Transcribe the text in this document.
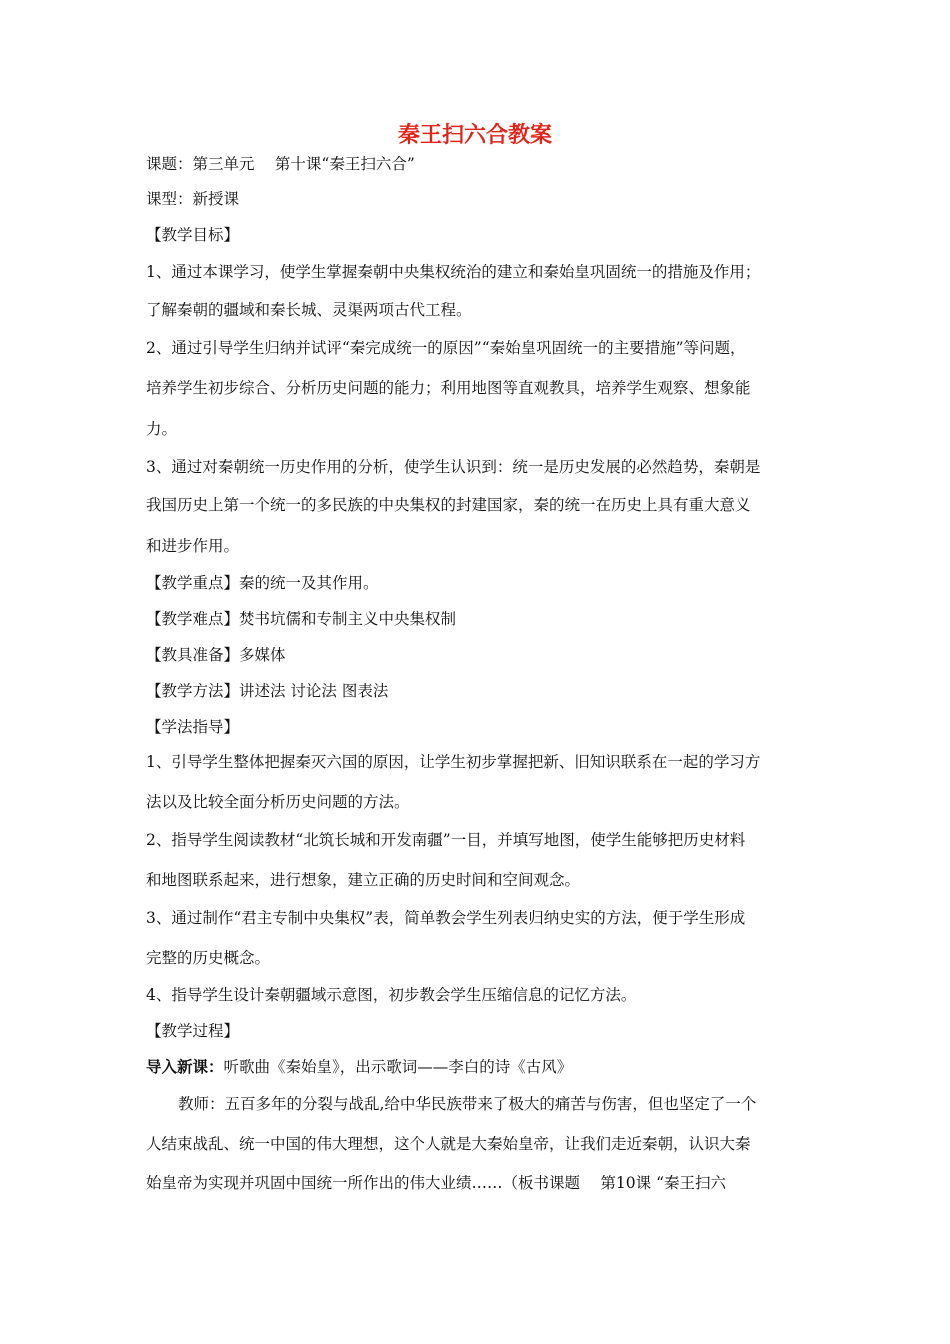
秦王扫六合教案
课题：第三单元　 第十课“秦王扫六合”
课型：新授课
【教学目标】
1、通过本课学习，使学生掌握秦朝中央集权统治的建立和秦始皇巩固统一的措施及作用；
了解秦朝的疆域和秦长城、灵渠两项古代工程。
2、通过引导学生归纳并试评“秦完成统一的原因”“秦始皇巩固统一的主要措施”等问题，
培养学生初步综合、分析历史问题的能力；利用地图等直观教具，培养学生观察、想象能
力。
3、通过对秦朝统一历史作用的分析，使学生认识到：统一是历史发展的必然趋势，秦朝是
我国历史上第一个统一的多民族的中央集权的封建国家，秦的统一在历史上具有重大意义
和进步作用。
【教学重点】秦的统一及其作用。
【教学难点】焚书坑儒和专制主义中央集权制
【教具准备】多媒体
【教学方法】讲述法 讨论法 图表法
【学法指导】
1、引导学生整体把握秦灭六国的原因，让学生初步掌握把新、旧知识联系在一起的学习方
法以及比较全面分析历史问题的方法。
2、指导学生阅读教材“北筑长城和开发南疆”一目，并填写地图，使学生能够把历史材料
和地图联系起来，进行想象，建立正确的历史时间和空间观念。
3、通过制作“君主专制中央集权”表，简单教会学生列表归纳史实的方法，便于学生形成
完整的历史概念。
4、指导学生设计秦朝疆域示意图，初步教会学生压缩信息的记忆方法。
【教学过程】
导入新课：听歌曲《秦始皇》，出示歌词——李白的诗《古风》
教师：五百多年的分裂与战乱,给中华民族带来了极大的痛苦与伤害，但也坚定了一个
人结束战乱、统一中国的伟大理想，这个人就是大秦始皇帝，让我们走近秦朝，认识大秦
始皇帝为实现并巩固中国统一所作出的伟大业绩……（板书课题　 第10课 “秦王扫六
